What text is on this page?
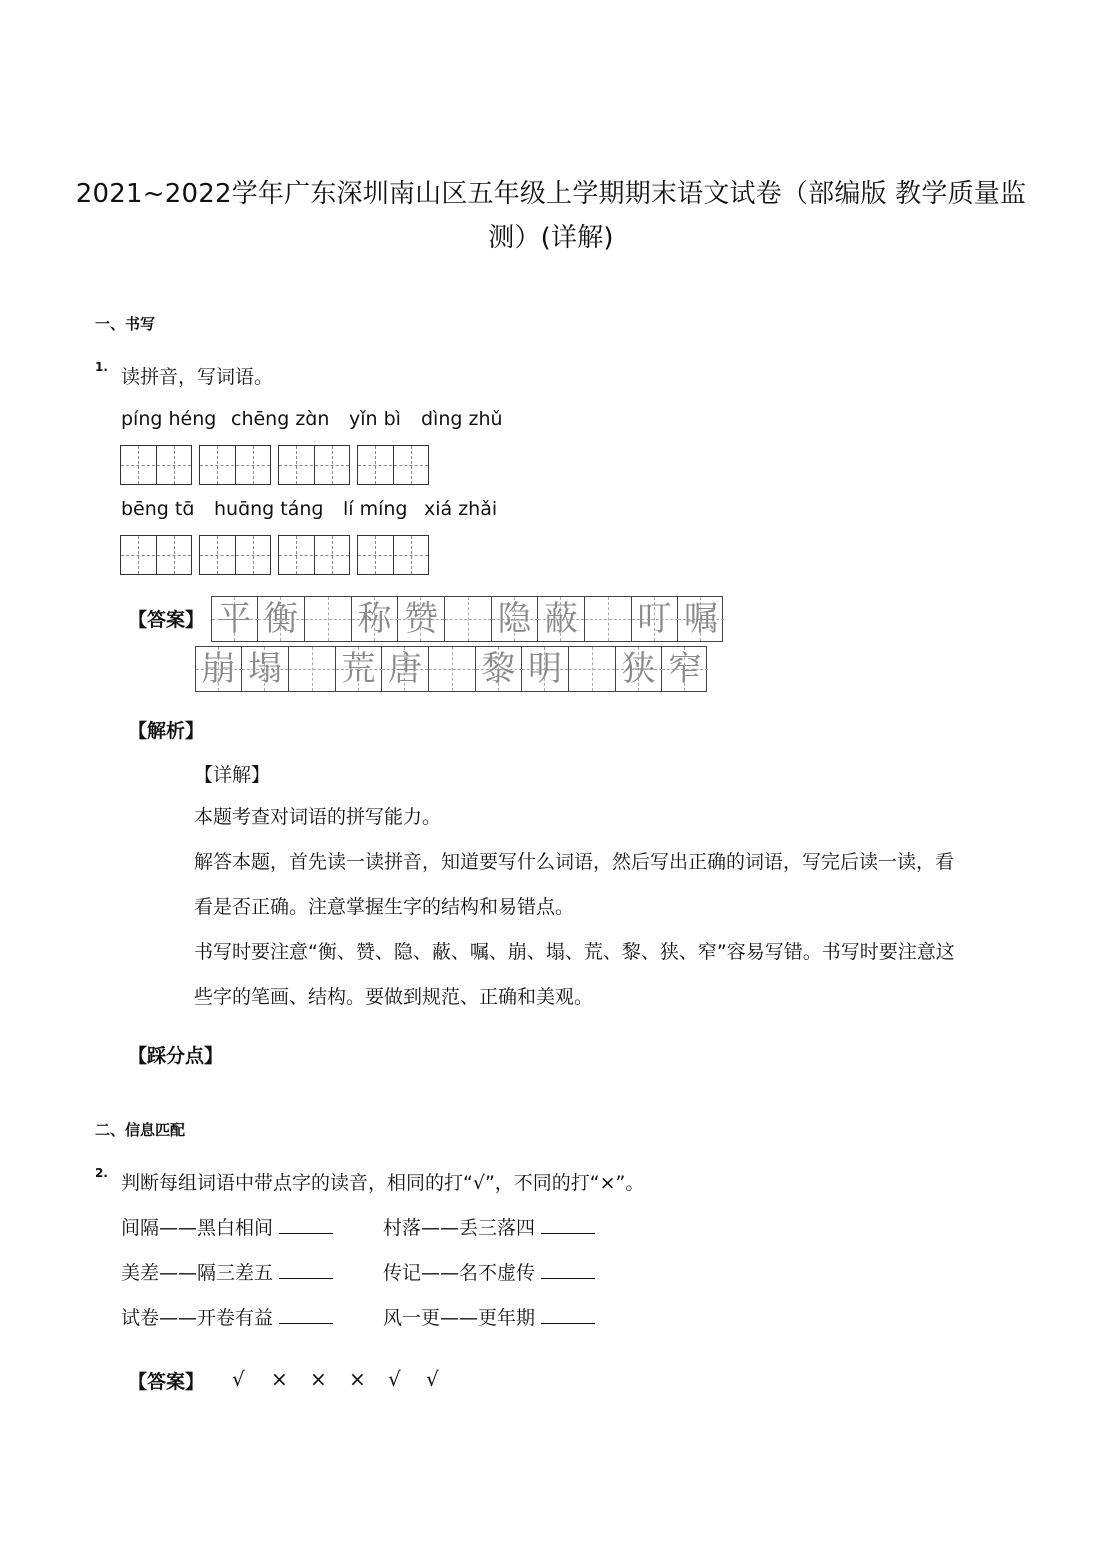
2021~2022学年广东深圳南山区五年级上学期期末语文试卷（部编版 教学质量监测）(详解)
一、书写
1. 读拼音，写词语。
píng héng chēng zɑ̀n yǐn bì dìng zhǔ
bēng tɑ̄ huɑ̄ng tánɡ lí míng xiá zhǎi
【答案】 平 衡 称 赞 隐 蔽 叮 嘱
崩 塌 荒 唐 黎 明 狭 窄
【解析】
【详解】
本题考查对词语的拼写能力。
解答本题，首先读一读拼音，知道要写什么词语，然后写出正确的词语，写完后读一读，看
看是否正确。注意掌握生字的结构和易错点。
书写时要注意“衡、赞、隐、蔽、嘱、崩、塌、荒、黎、狭、窄”容易写错。书写时要注意这
些字的笔画、结构。要做到规范、正确和美观。
【踩分点】
二、信息匹配
2. 判断每组词语中带点字的读音，相同的打“√”，不同的打“×”。
间隔——黑白相间	村落——丢三落四
美差——隔三差五	传记——名不虚传
试卷——开卷有益	风一更——更年期
【答案】 √ × × × √ √
